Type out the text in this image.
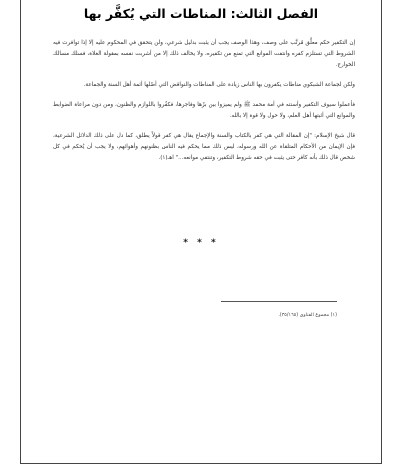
الفصل الثالث: المناطات التي يُكفَّر بها

إن التكفير حكم معلَّق مُرتَّب على وصف، وهذا الوصف يجب أن يثبت بدليل شرعي، ولن يتحقق في المحكوم عليه إلا إذا توافرت فيه الشروط التي تستلزم كفره وانتفت الموانع التي تمنع من تكفيره، ولا يخالف ذلك إلا من أشربت نفسه بمقولة الغلاة، فسلك مسالك الخوارج.

ولكن لجماعة الشبكوي مناطات يكفرون بها الناس زيادة على المناطات والنواقض التي أصّلها أئمة أهل السنة والجماعة.

فأعملوا سيوف التكفير وأسنته في أمة محمد ﷺ ولم يميزوا بين برّها وفاجرها، فكفّروا باللوازم والظنون، ومن دون مراعاة الضوابط والموانع التي أثبتها أهل العلم، ولا حول ولا قوة إلا بالله.

قال شيخ الإسلام: "إن المقالة التي هي كفر بالكتاب والسنة والإجماع يقال هي كفر قولاً يطلق، كما دل على ذلك الدلائل الشرعية، فإن الإيمان من الأحكام المتلقاة عن الله ورسوله، ليس ذلك مما يحكم فيه الناس بظنونهم وأهوائهم، ولا يجب أن يُحكم في كل شخص قال ذلك بأنه كافر حتى يثبت في حقه شروط التكفير، وتنتفي موانعه..." اهـ(١).

* * *
(١) مجموع الفتاوى (٣٥/١٦٥).
